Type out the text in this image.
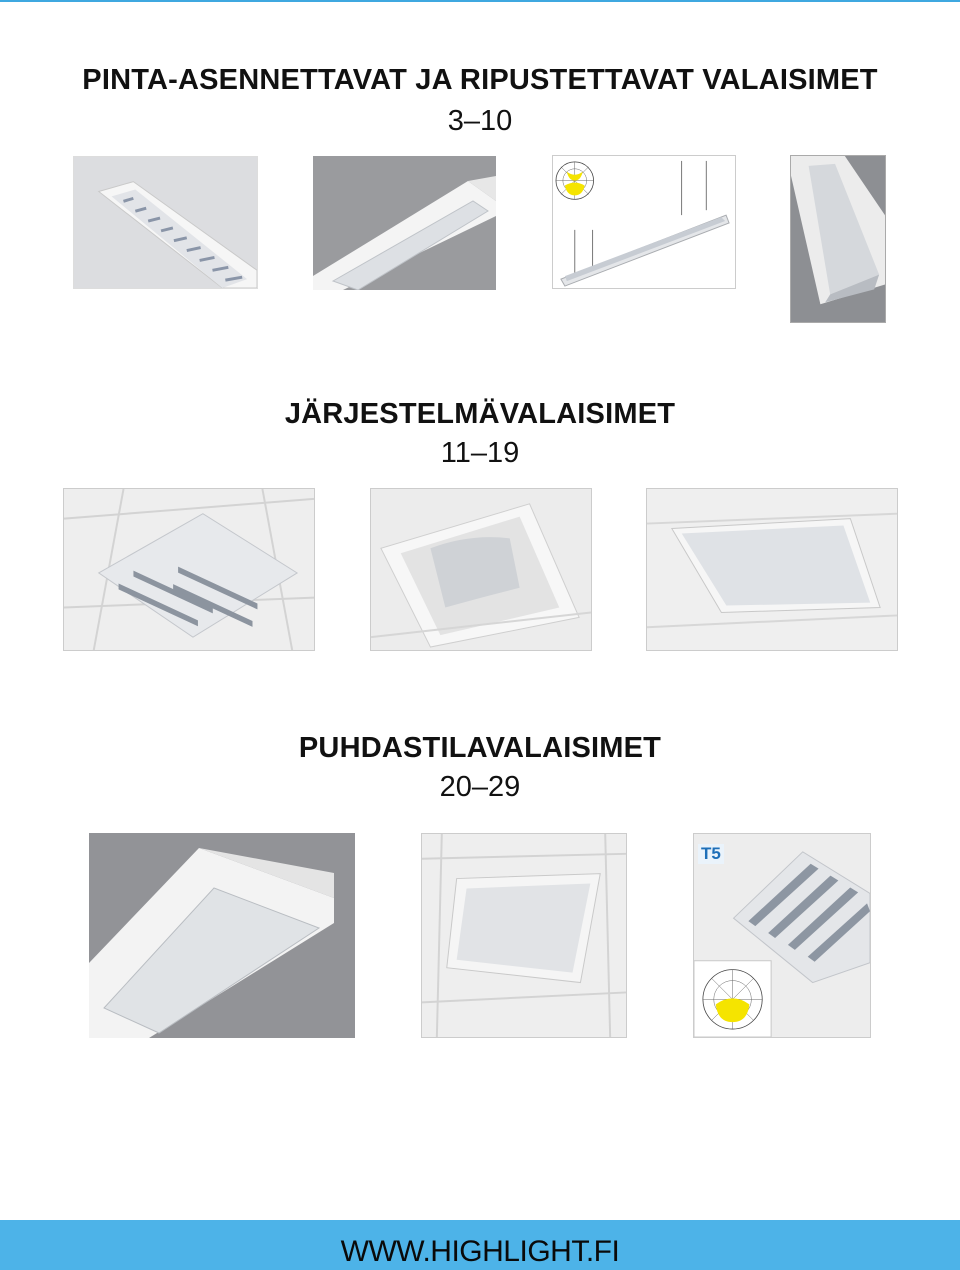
PINTA-ASENNETTAVAT JA RIPUSTETTAVAT VALAISIMET
3–10
JÄRJESTELMÄVALAISIMET
11–19
PUHDASTILAVALAISIMET
20–29
T5
WWW.HIGHLIGHT.FI
